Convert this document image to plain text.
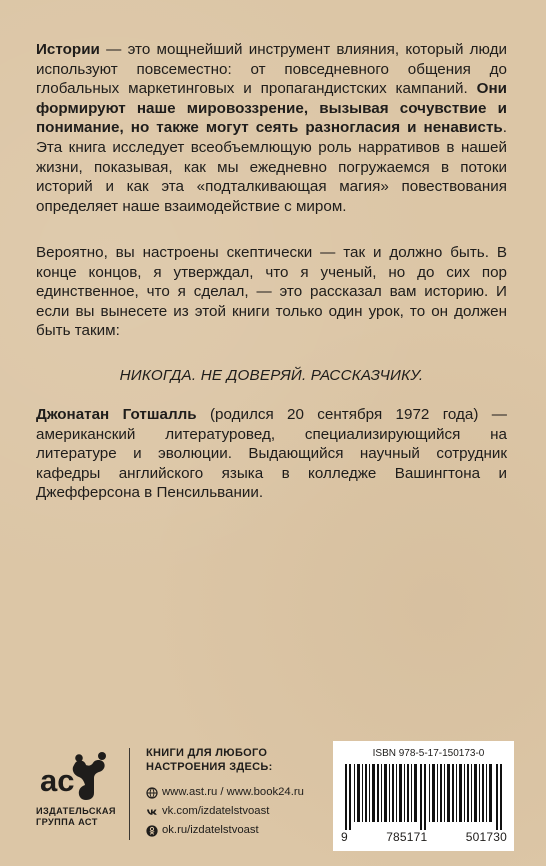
Истории — это мощнейший инструмент влияния, который люди используют повсеместно: от повседневного общения до глобальных маркетинговых и пропагандистских кампаний. Они формируют наше мировоззрение, вызывая сочувствие и понимание, но также могут сеять разногласия и ненависть. Эта книга исследует всеобъемлющую роль нарративов в нашей жизни, показывая, как мы ежедневно погружаемся в потоки историй и как эта «подталкивающая магия» повествования определяет наше взаимодействие с миром.
Вероятно, вы настроены скептически — так и должно быть. В конце концов, я утверждал, что я ученый, но до сих пор единственное, что я сделал, — это рассказал вам историю. И если вы вынесете из этой книги только один урок, то он должен быть таким:
НИКОГДА. НЕ ДОВЕРЯЙ. РАССКАЗЧИКУ.
Джонатан Готшалль (родился 20 сентября 1972 года) — американский литературовед, специализирующийся на литературе и эволюции. Выдающийся научный сотрудник кафедры английского языка в колледже Вашингтона и Джефферсона в Пенсильвании.
ac
ИЗДАТЕЛЬСКАЯ
ГРУППА АСТ
КНИГИ ДЛЯ ЛЮБОГО
НАСТРОЕНИЯ ЗДЕСЬ:
www.ast.ru / www.book24.ru
vk.com/izdatelstvoast
ok.ru/izdatelstvoast
ISBN 978-5-17-150173-0
9	785171	501730
